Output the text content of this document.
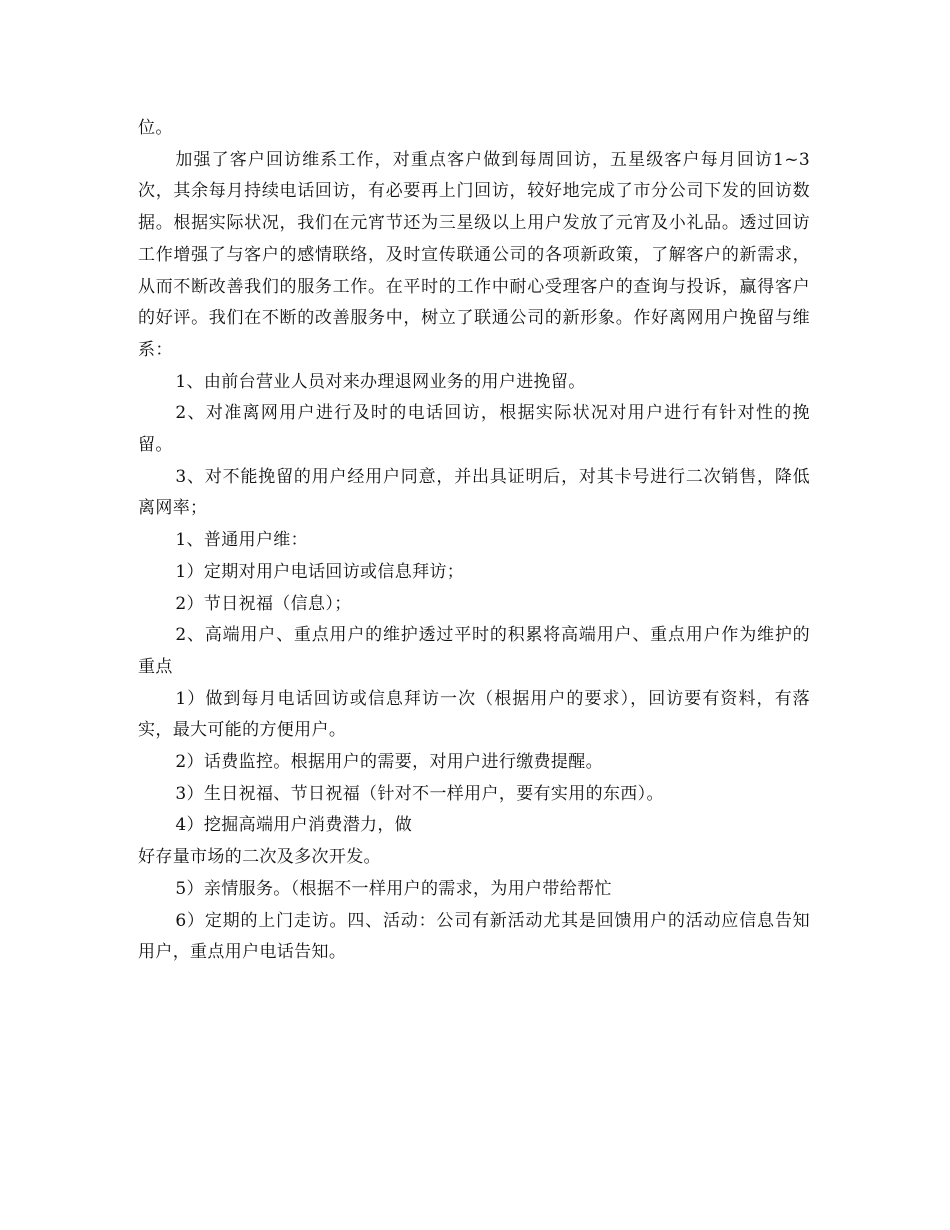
位。

加强了客户回访维系工作，对重点客户做到每周回访，五星级客户每月回访1~3次，其余每月持续电话回访，有必要再上门回访，较好地完成了市分公司下发的回访数据。根据实际状况，我们在元宵节还为三星级以上用户发放了元宵及小礼品。透过回访工作增强了与客户的感情联络，及时宣传联通公司的各项新政策，了解客户的新需求，从而不断改善我们的服务工作。在平时的工作中耐心受理客户的查询与投诉，赢得客户的好评。我们在不断的改善服务中，树立了联通公司的新形象。作好离网用户挽留与维系：

1、由前台营业人员对来办理退网业务的用户进挽留。

2、对准离网用户进行及时的电话回访，根据实际状况对用户进行有针对性的挽留。

3、对不能挽留的用户经用户同意，并出具证明后，对其卡号进行二次销售，降低离网率；

1、普通用户维：

1）定期对用户电话回访或信息拜访；

2）节日祝福（信息）；

2、高端用户、重点用户的维护透过平时的积累将高端用户、重点用户作为维护的重点

1）做到每月电话回访或信息拜访一次（根据用户的要求），回访要有资料，有落实，最大可能的方便用户。

2）话费监控。根据用户的需要，对用户进行缴费提醒。

3）生日祝福、节日祝福（针对不一样用户，要有实用的东西）。

4）挖掘高端用户消费潜力，做

好存量市场的二次及多次开发。

5）亲情服务。（根据不一样用户的需求，为用户带给帮忙

6）定期的上门走访。四、活动：公司有新活动尤其是回馈用户的活动应信息告知用户，重点用户电话告知。
